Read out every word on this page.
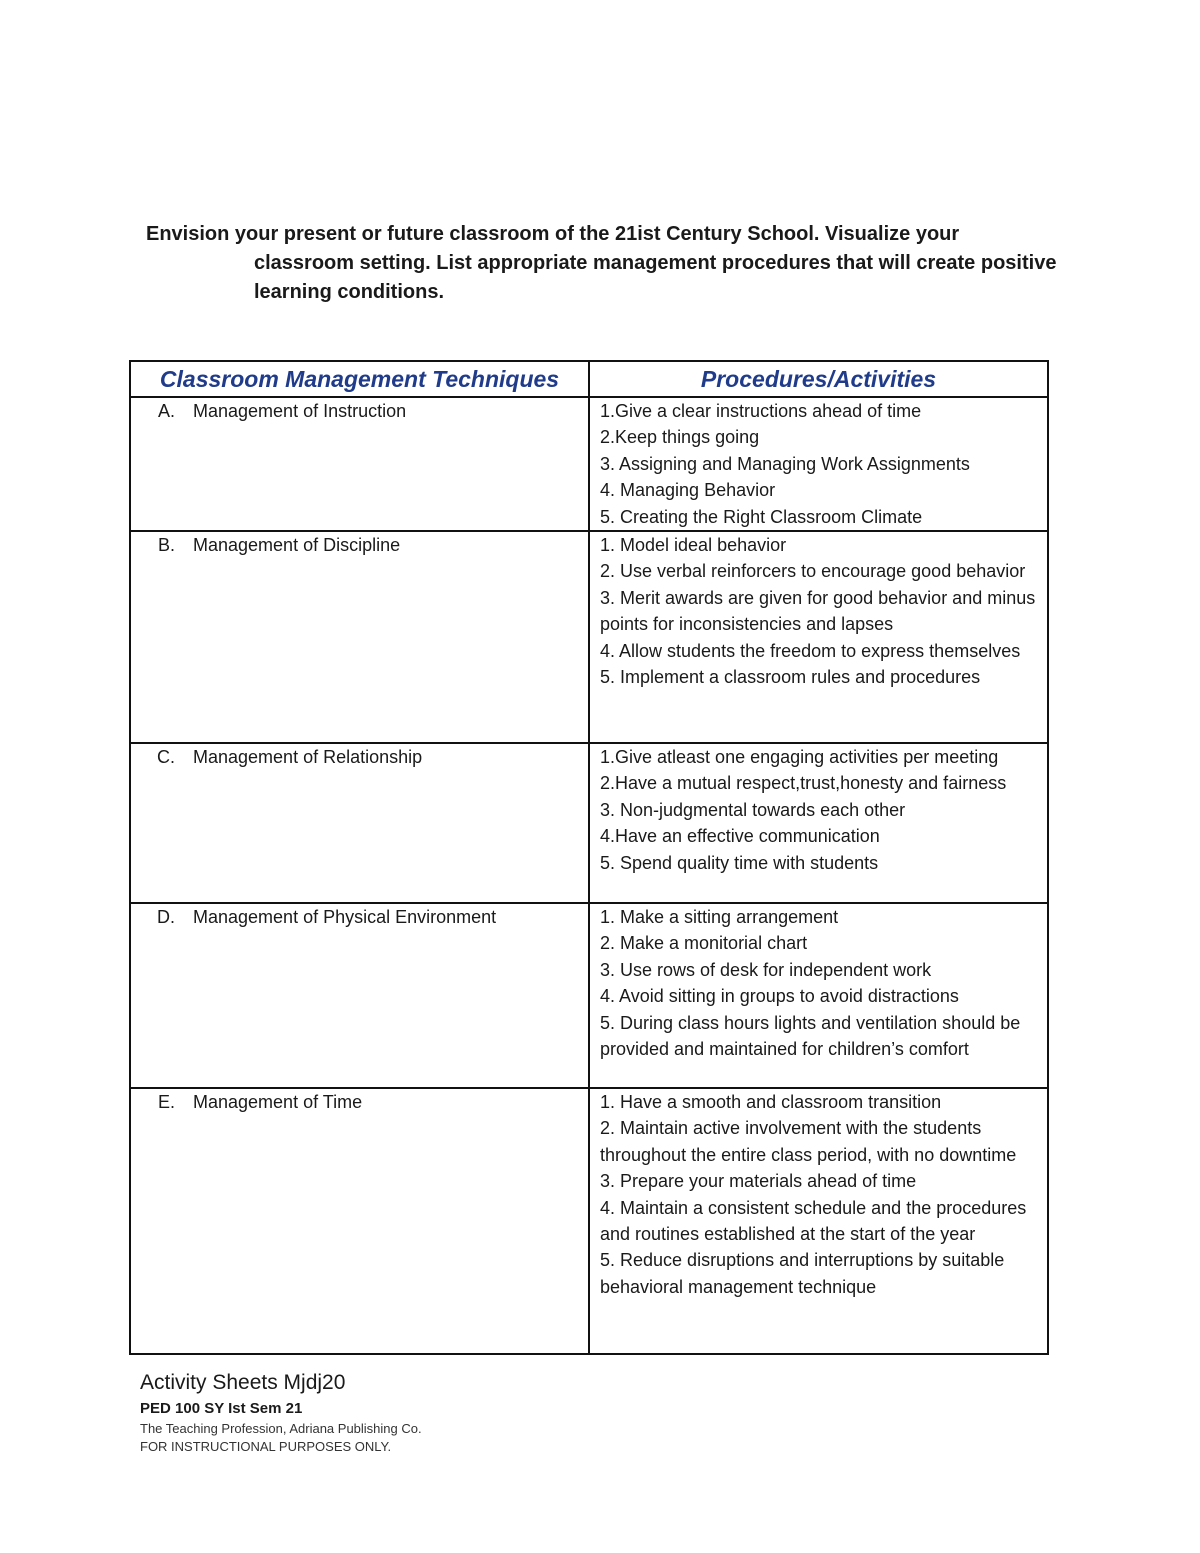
Envision your present or future classroom of the 21ist Century School. Visualize your
classroom setting. List appropriate management procedures that will create positive
learning conditions.
Classroom Management Techniques	Procedures/Activities
A. Management of Instruction	1.Give a clear instructions ahead of time
2.Keep things going
3. Assigning and Managing Work Assignments
4. Managing Behavior
5. Creating the Right Classroom Climate

B. Management of Discipline	1. Model ideal behavior
2. Use verbal reinforcers to encourage good behavior
3. Merit awards are given for good behavior and minus points for inconsistencies and lapses
4. Allow students the freedom to express themselves
5. Implement a classroom rules and procedures

C. Management of Relationship	1.Give atleast one engaging activities per meeting
2.Have a mutual respect,trust,honesty and fairness
3. Non-judgmental towards each other
4.Have an effective communication
5. Spend quality time with students

D. Management of Physical Environment	1. Make a sitting arrangement
2. Make a monitorial chart
3. Use rows of desk for independent work
4. Avoid sitting in groups to avoid distractions
5. During class hours lights and ventilation should be provided and maintained for children’s comfort

E. Management of Time	1. Have a smooth and classroom transition
2. Maintain active involvement with the students throughout the entire class period, with no downtime
3. Prepare your materials ahead of time
4. Maintain a consistent schedule and the procedures and routines established at the start of the year
5. Reduce disruptions and interruptions by suitable behavioral management technique
Activity Sheets Mjdj20
PED 100 SY Ist Sem 21
The Teaching Profession, Adriana Publishing Co.
FOR INSTRUCTIONAL PURPOSES ONLY.
